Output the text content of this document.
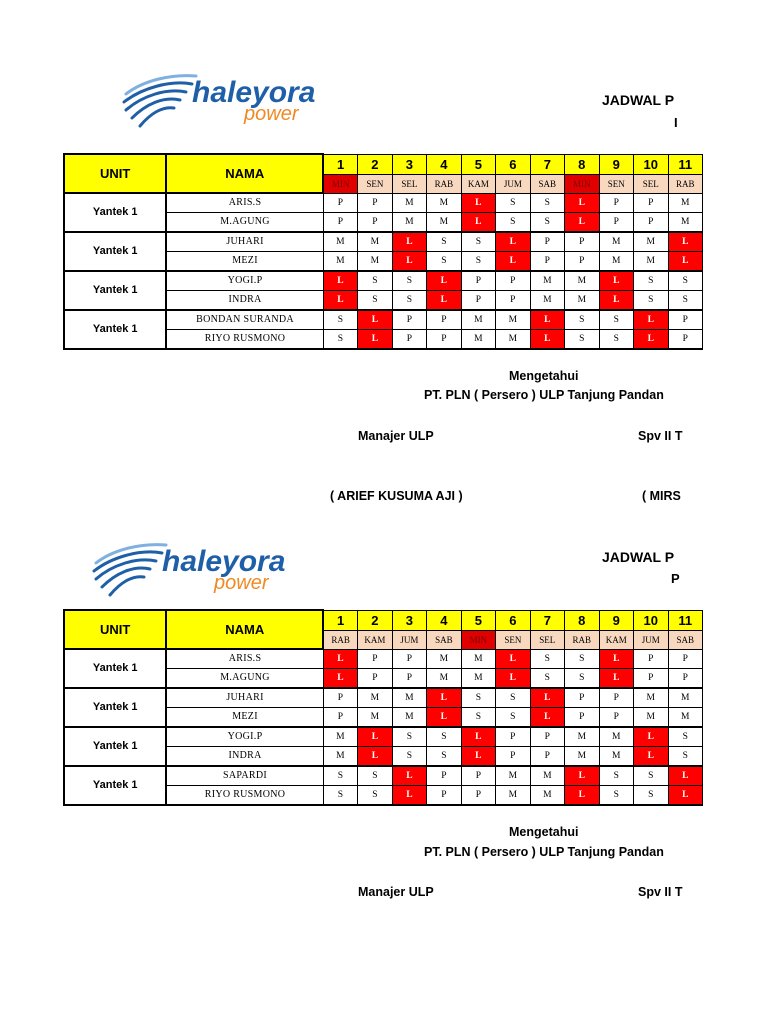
haleyora
power
JADWAL P
I
UNIT	NAMA	1	2	3	4	5	6	7	8	9	10	11
		MIN	SEN	SEL	RAB	KAM	JUM	SAB	MIN	SEN	SEL	RAB
Yantek 1	ARIS.S	P	P	M	M	L	S	S	L	P	P	M
	M.AGUNG	P	P	M	M	L	S	S	L	P	P	M
Yantek 1	JUHARI	M	M	L	S	S	L	P	P	M	M	L
	MEZI	M	M	L	S	S	L	P	P	M	M	L
Yantek 1	YOGI.P	L	S	S	L	P	P	M	M	L	S	S
	INDRA	L	S	S	L	P	P	M	M	L	S	S
Yantek 1	BONDAN SURANDA	S	L	P	P	M	M	L	S	S	L	P
	RIYO RUSMONO	S	L	P	P	M	M	L	S	S	L	P
Mengetahui
PT. PLN ( Persero ) ULP Tanjung Pandan
Manajer ULP	Spv II T
( ARIEF KUSUMA AJI )	( MIRS
haleyora
power
JADWAL P
P
UNIT	NAMA	1	2	3	4	5	6	7	8	9	10	11
		RAB	KAM	JUM	SAB	MIN	SEN	SEL	RAB	KAM	JUM	SAB
Yantek 1	ARIS.S	L	P	P	M	M	L	S	S	L	P	P
	M.AGUNG	L	P	P	M	M	L	S	S	L	P	P
Yantek 1	JUHARI	P	M	M	L	S	S	L	P	P	M	M
	MEZI	P	M	M	L	S	S	L	P	P	M	M
Yantek 1	YOGI.P	M	L	S	S	L	P	P	M	M	L	S
	INDRA	M	L	S	S	L	P	P	M	M	L	S
Yantek 1	SAPARDI	S	S	L	P	P	M	M	L	S	S	L
	RIYO RUSMONO	S	S	L	P	P	M	M	L	S	S	L
Mengetahui
PT. PLN ( Persero ) ULP Tanjung Pandan
Manajer ULP	Spv II T
